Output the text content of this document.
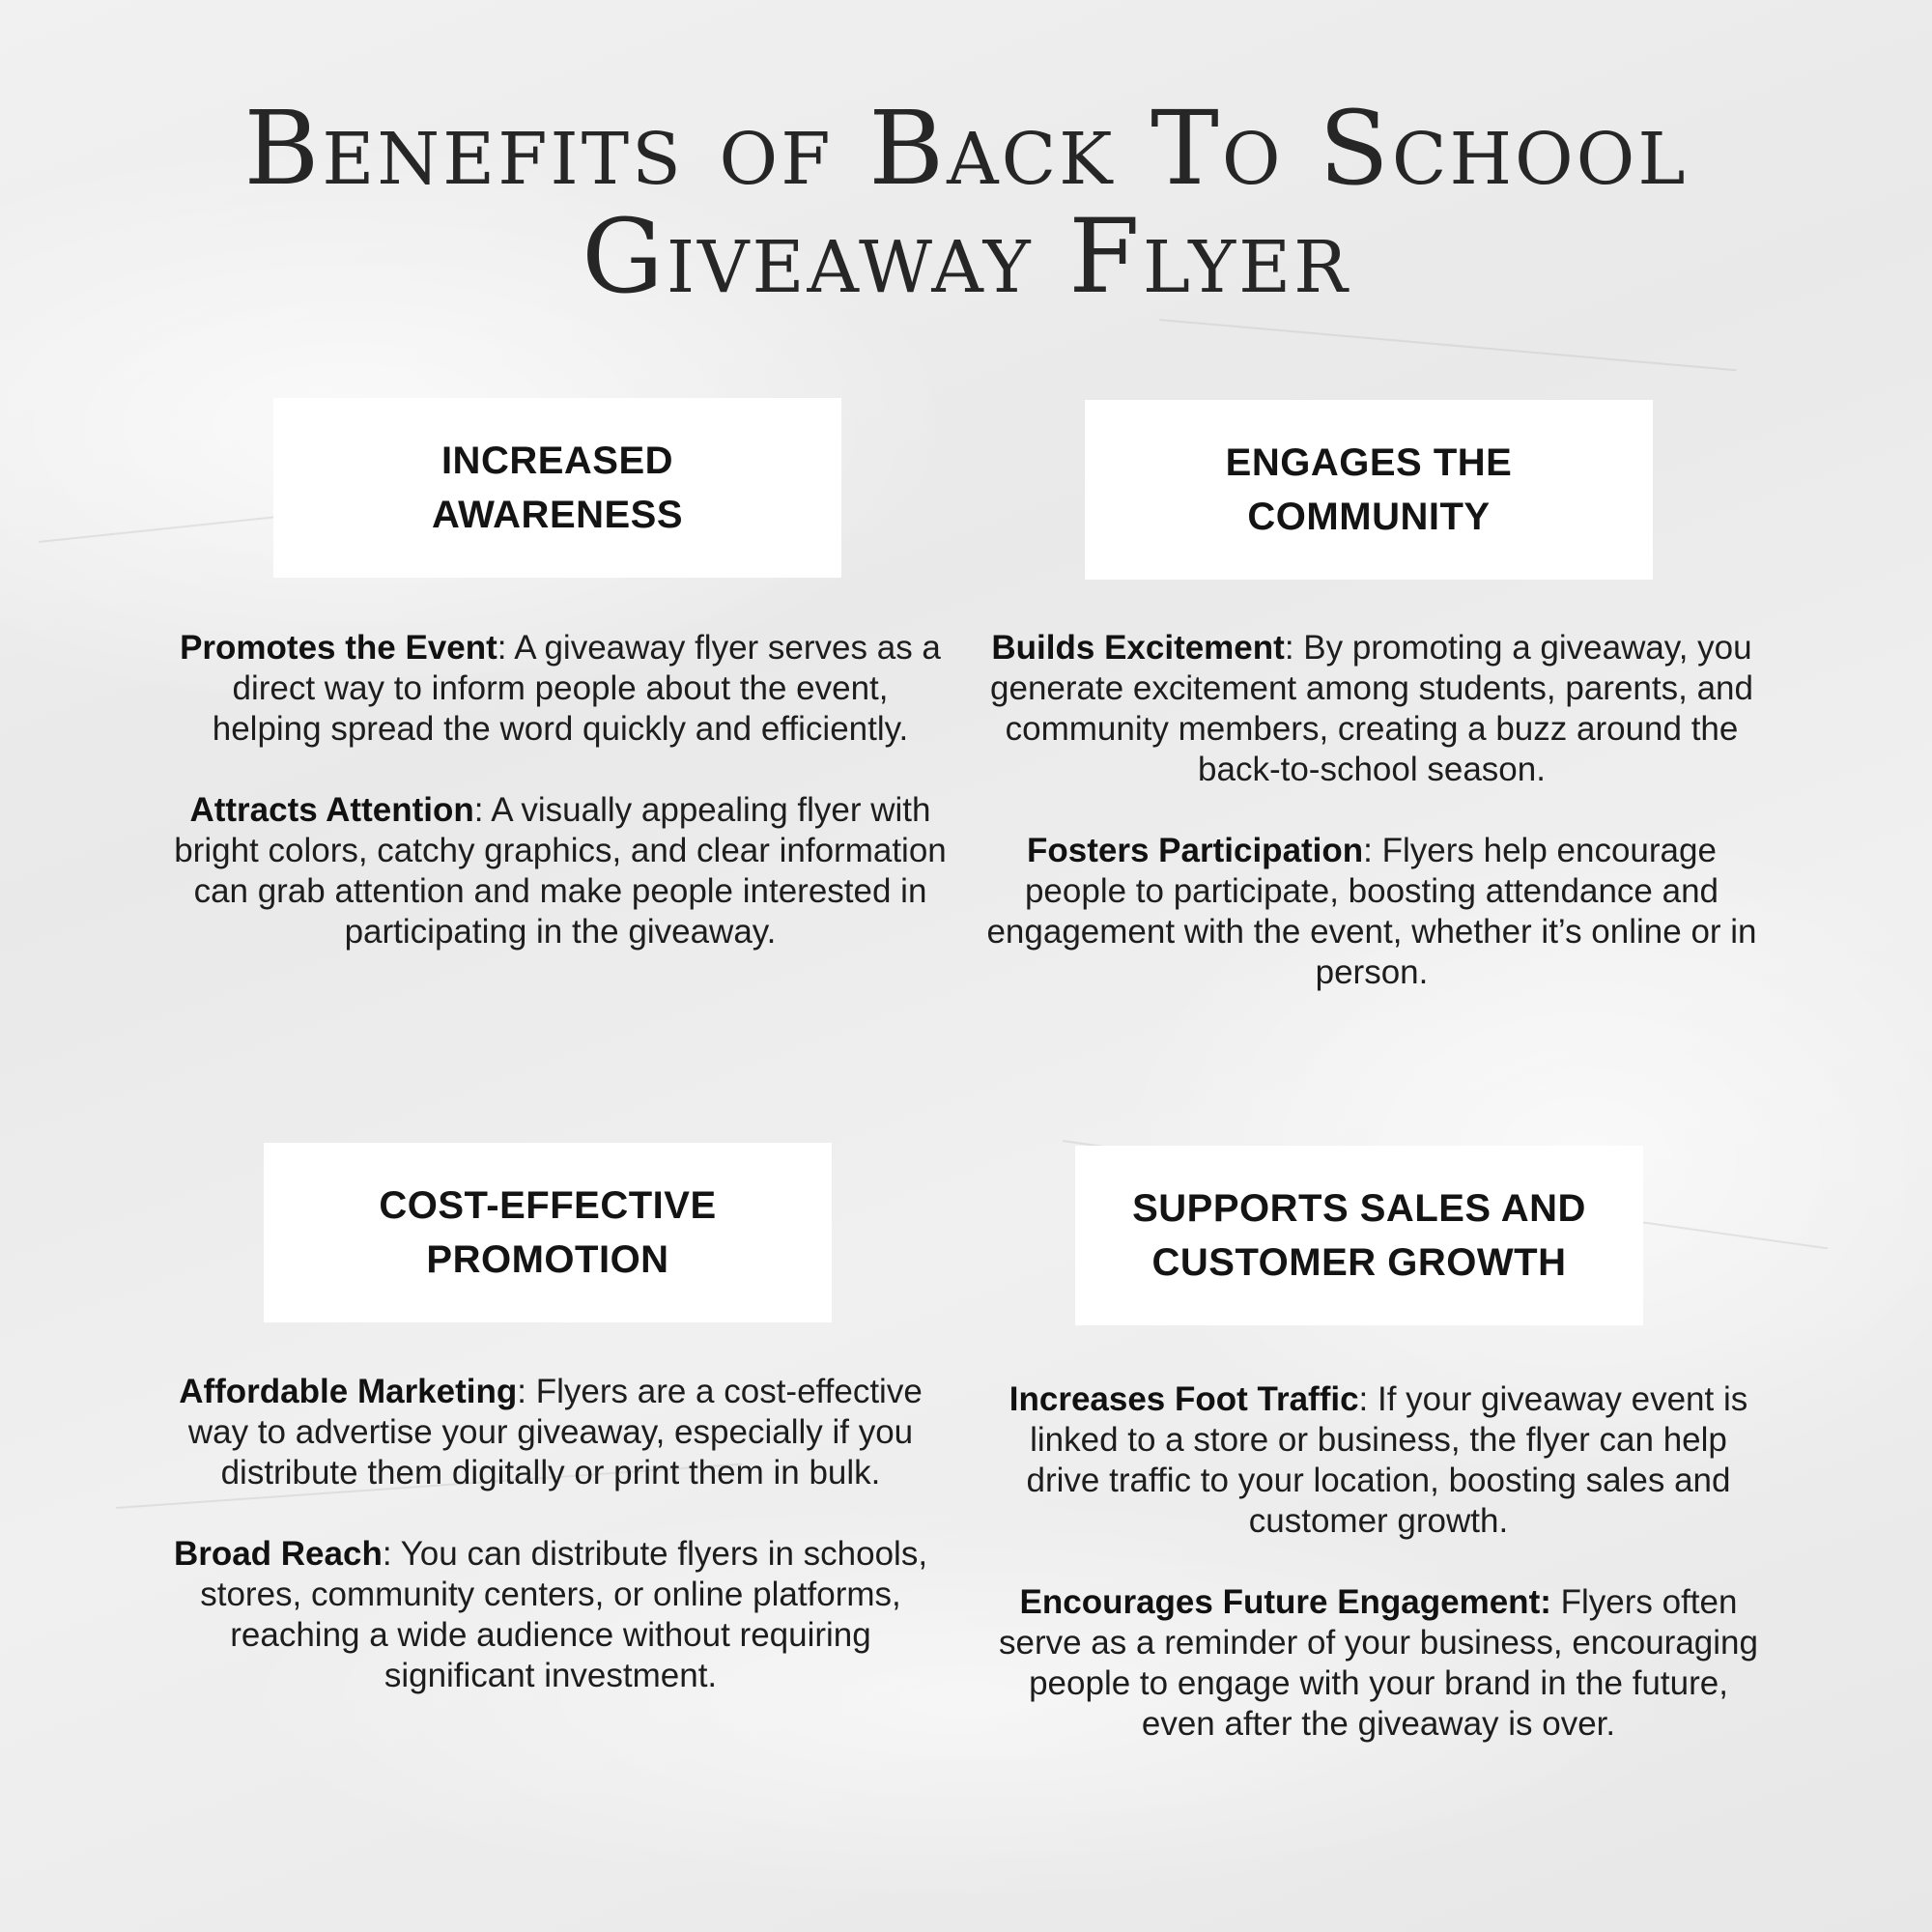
Benefits of Back To School
Giveaway Flyer
INCREASED
AWARENESS

Promotes the Event: A giveaway flyer serves as a direct way to inform people about the event, helping spread the word quickly and efficiently.

Attracts Attention: A visually appealing flyer with bright colors, catchy graphics, and clear information can grab attention and make people interested in participating in the giveaway.

ENGAGES THE
COMMUNITY

Builds Excitement: By promoting a giveaway, you generate excitement among students, parents, and community members, creating a buzz around the back-to-school season.

Fosters Participation: Flyers help encourage people to participate, boosting attendance and engagement with the event, whether it’s online or in person.

COST-EFFECTIVE
PROMOTION

Affordable Marketing: Flyers are a cost-effective way to advertise your giveaway, especially if you distribute them digitally or print them in bulk.

Broad Reach: You can distribute flyers in schools, stores, community centers, or online platforms, reaching a wide audience without requiring significant investment.

SUPPORTS SALES AND
CUSTOMER GROWTH

Increases Foot Traffic: If your giveaway event is linked to a store or business, the flyer can help drive traffic to your location, boosting sales and customer growth.

Encourages Future Engagement: Flyers often serve as a reminder of your business, encouraging people to engage with your brand in the future, even after the giveaway is over.
